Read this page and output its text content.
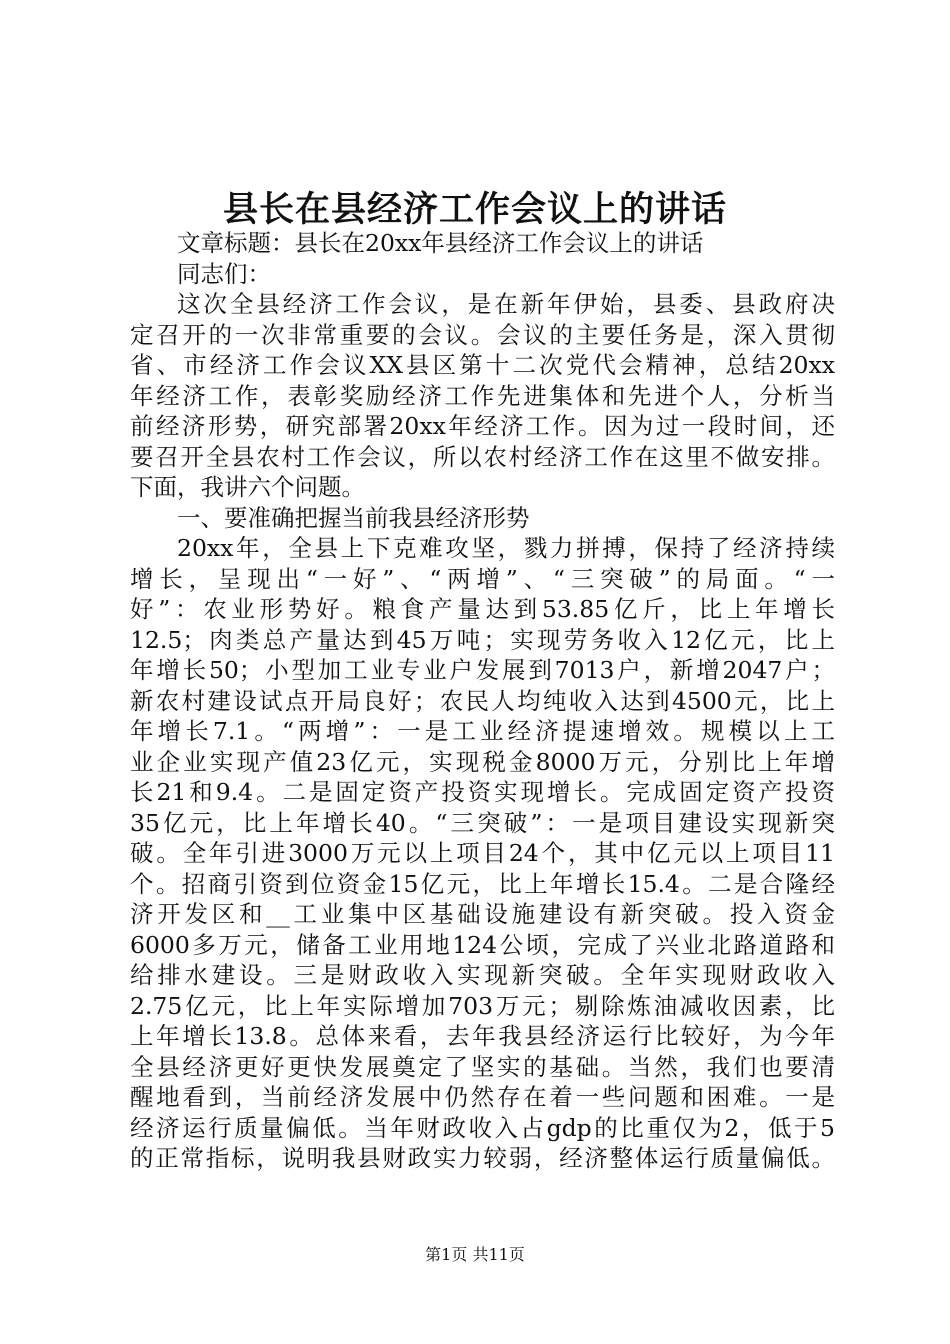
县长在县经济工作会议上的讲话

文章标题：县长在20xx年县经济工作会议上的讲话

同志们：

这次全县经济工作会议，是在新年伊始，县委、县政府决

定召开的一次非常重要的会议。会议的主要任务是，深入贯彻

省、市经济工作会议XX县区第十二次党代会精神，总结20xx

年经济工作，表彰奖励经济工作先进集体和先进个人，分析当

前经济形势，研究部署20xx年经济工作。因为过一段时间，还

要召开全县农村工作会议，所以农村经济工作在这里不做安排。

下面，我讲六个问题。

一、要准确把握当前我县经济形势

20xx年，全县上下克难攻坚，戮力拼搏，保持了经济持续

增长，呈现出“一好”、“两增”、“三突破”的局面。“一

好”：农业形势好。粮食产量达到53.85亿斤，比上年增长

12.5；肉类总产量达到45万吨；实现劳务收入12亿元，比上

年增长50；小型加工业专业户发展到7013户，新增2047户；

新农村建设试点开局良好；农民人均纯收入达到4500元，比上

年增长7.1。“两增”：一是工业经济提速增效。规模以上工

业企业实现产值23亿元，实现税金8000万元，分别比上年增

长21和9.4。二是固定资产投资实现增长。完成固定资产投资

35亿元，比上年增长40。“三突破”：一是项目建设实现新突

破。全年引进3000万元以上项目24个，其中亿元以上项目11

个。招商引资到位资金15亿元，比上年增长15.4。二是合隆经

济开发区和__工业集中区基础设施建设有新突破。投入资金

6000多万元，储备工业用地124公顷，完成了兴业北路道路和

给排水建设。三是财政收入实现新突破。全年实现财政收入

2.75亿元，比上年实际增加703万元；剔除炼油减收因素，比

上年增长13.8。总体来看，去年我县经济运行比较好，为今年

全县经济更好更快发展奠定了坚实的基础。当然，我们也要清

醒地看到，当前经济发展中仍然存在着一些问题和困难。一是

经济运行质量偏低。当年财政收入占gdp的比重仅为2，低于5

的正常指标，说明我县财政实力较弱，经济整体运行质量偏低。

第1页 共11页
